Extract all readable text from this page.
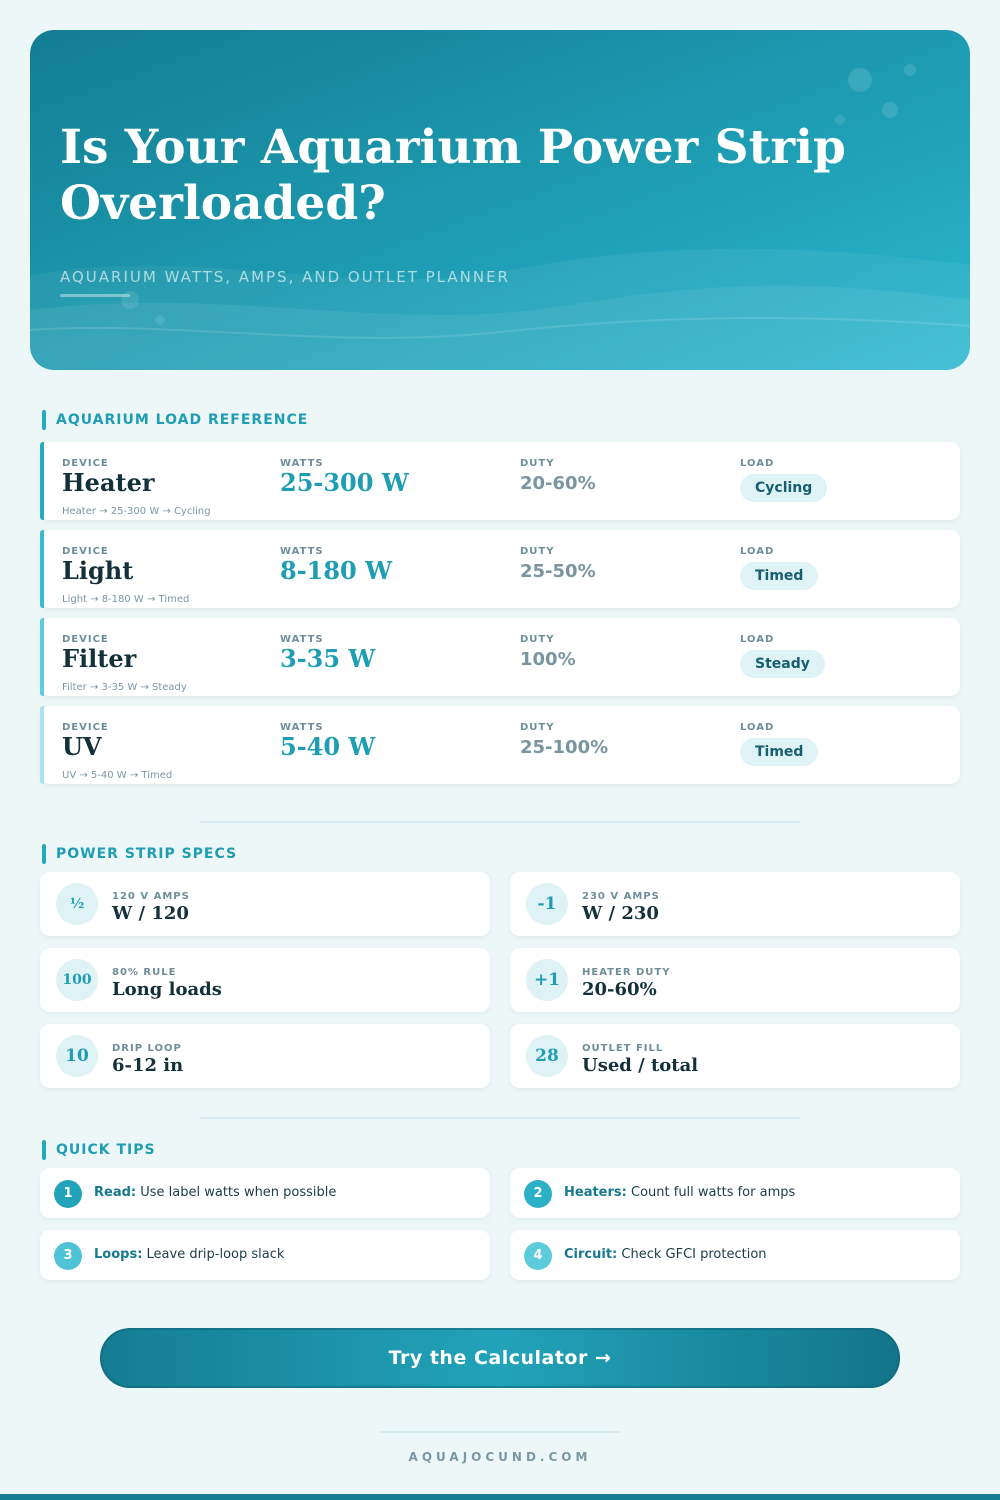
Is Your Aquarium Power Strip Overloaded?
AQUARIUM WATTS, AMPS, AND OUTLET PLANNER
AQUARIUM LOAD REFERENCE
DEVICE	WATTS	DUTY	LOAD
Heater	25-300 W	20-60%	Cycling
Heater → 25-300 W → Cycling
DEVICE	WATTS	DUTY	LOAD
Light	8-180 W	25-50%	Timed
Light → 8-180 W → Timed
DEVICE	WATTS	DUTY	LOAD
Filter	3-35 W	100%	Steady
Filter → 3-35 W → Steady
DEVICE	WATTS	DUTY	LOAD
UV	5-40 W	25-100%	Timed
UV → 5-40 W → Timed
POWER STRIP SPECS
½	120 V AMPS
W / 120	-1	230 V AMPS
W / 230
100	80% RULE
Long loads	+1	HEATER DUTY
20-60%
10	DRIP LOOP
6-12 in	28	OUTLET FILL
Used / total
QUICK TIPS
1	Read: Use label watts when possible	2	Heaters: Count full watts for amps
3	Loops: Leave drip-loop slack	4	Circuit: Check GFCI protection
Try the Calculator →
AQUAJOCUND.COM
